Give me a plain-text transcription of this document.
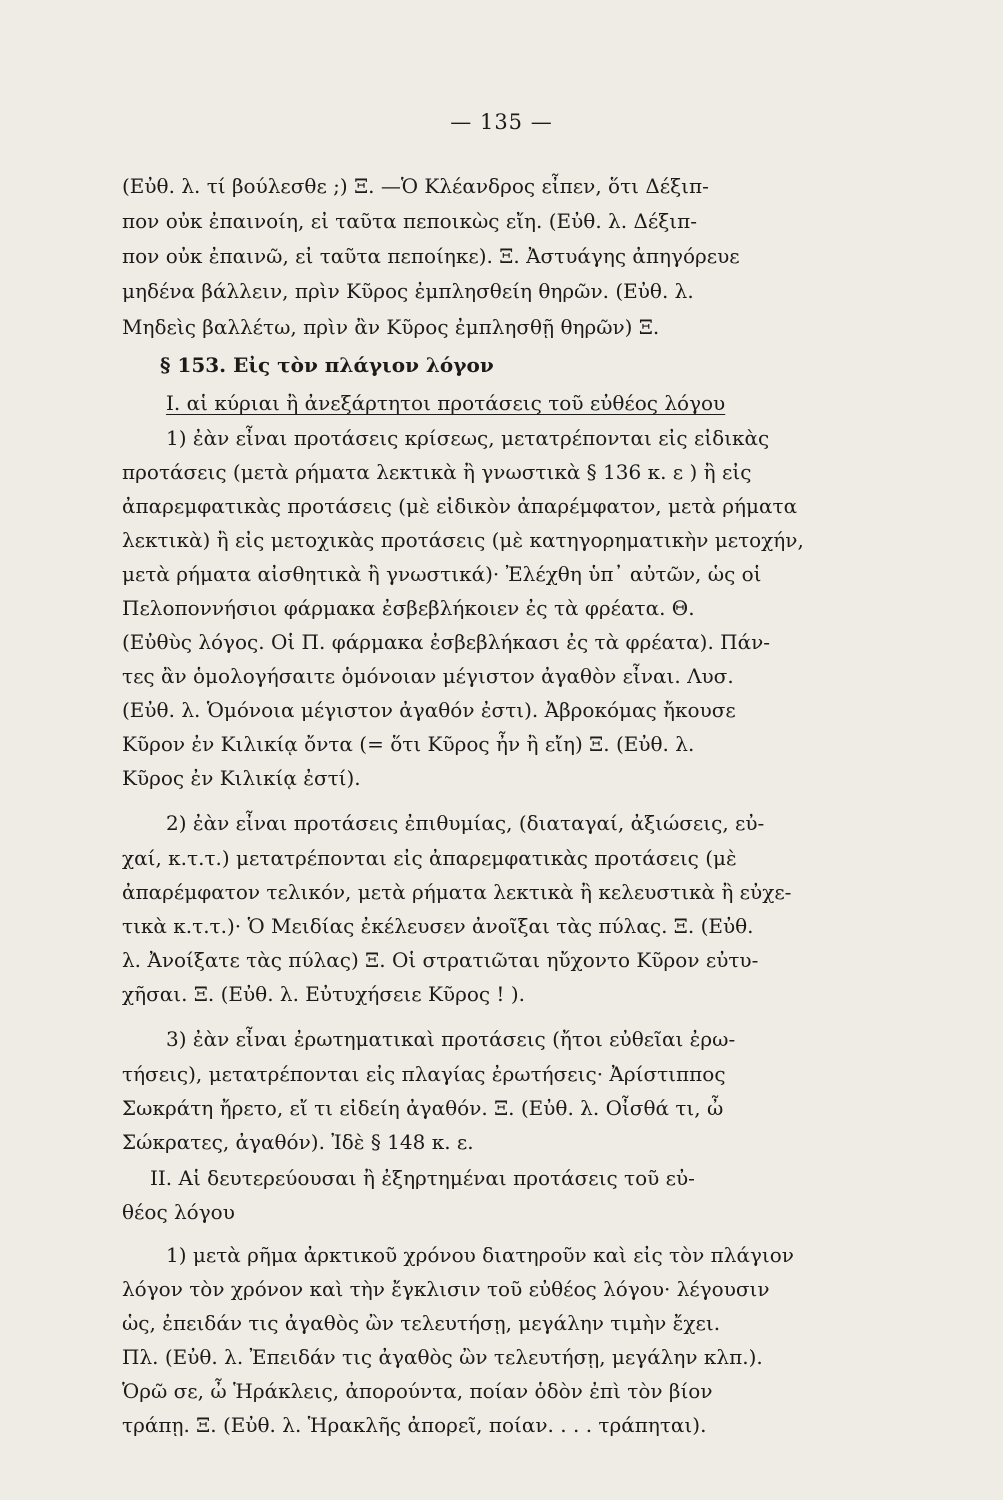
— 135 —
(Εὐθ. λ. τί βούλεσθε ;) Ξ. —Ὁ Κλέανδρος εἶπεν, ὅτι Δέξιπ-
πον οὐκ ἐπαινοίη, εἰ ταῦτα πεποικὼς εἴη. (Εὐθ. λ. Δέξιπ-
πον οὐκ ἐπαινῶ, εἰ ταῦτα πεποίηκε). Ξ. Ἀστυάγης ἀπηγόρευε
μηδένα βάλλειν, πρὶν Κῦρος ἐμπλησθείη θηρῶν. (Εὐθ. λ.
Μηδεὶς βαλλέτω, πρὶν ἂν Κῦρος ἐμπλησθῇ θηρῶν) Ξ.
§ 153. Εἰς τὸν πλάγιον λόγον
I. αἱ κύριαι ἢ ἀνεξάρτητοι προτάσεις τοῦ εὐθέος λόγου
1) ἐὰν εἶναι προτάσεις κρίσεως, μετατρέπονται εἰς εἰδικὰς
προτάσεις (μετὰ ρήματα λεκτικὰ ἢ γνωστικὰ § 136 κ. ε ) ἢ εἰς
ἀπαρεμφατικὰς προτάσεις (μὲ εἰδικὸν ἀπαρέμφατον, μετὰ ρήματα
λεκτικὰ) ἢ εἰς μετοχικὰς προτάσεις (μὲ κατηγορηματικὴν μετοχήν,
μετὰ ρήματα αἰσθητικὰ ἢ γνωστικά)· Ἐλέχθη ὑπ᾽ αὐτῶν, ὡς οἱ
Πελοποννήσιοι φάρμακα ἐσβεβλήκοιεν ἐς τὰ φρέατα. Θ.
(Εὐθὺς λόγος. Οἱ Π. φάρμακα ἐσβεβλήκασι ἐς τὰ φρέατα). Πάν-
τες ἂν ὁμολογήσαιτε ὁμόνοιαν μέγιστον ἀγαθὸν εἶναι. Λυσ.
(Εὐθ. λ. Ὁμόνοια μέγιστον ἀγαθόν ἐστι). Ἀβροκόμας ἤκουσε
Κῦρον ἐν Κιλικίᾳ ὄντα (= ὅτι Κῦρος ἦν ἢ εἴη) Ξ. (Εὐθ. λ.
Κῦρος ἐν Κιλικίᾳ ἐστί).
2) ἐὰν εἶναι προτάσεις ἐπιθυμίας, (διαταγαί, ἀξιώσεις, εὐ-
χαί, κ.τ.τ.) μετατρέπονται εἰς ἀπαρεμφατικὰς προτάσεις (μὲ
ἀπαρέμφατον τελικόν, μετὰ ρήματα λεκτικὰ ἢ κελευστικὰ ἢ εὐχε-
τικὰ κ.τ.τ.)· Ὁ Μειδίας ἐκέλευσεν ἀνοῖξαι τὰς πύλας. Ξ. (Εὐθ.
λ. Ἀνοίξατε τὰς πύλας) Ξ. Οἱ στρατιῶται ηὔχοντο Κῦρον εὐτυ-
χῆσαι. Ξ. (Εὐθ. λ. Εὐτυχήσειε Κῦρος ! ).
3) ἐὰν εἶναι ἐρωτηματικαὶ προτάσεις (ἤτοι εὐθεῖαι ἐρω-
τήσεις), μετατρέπονται εἰς πλαγίας ἐρωτήσεις· Ἀρίστιππος
Σωκράτη ἤρετο, εἴ τι εἰδείη ἀγαθόν. Ξ. (Εὐθ. λ. Οἶσθά τι, ὦ
Σώκρατες, ἀγαθόν). Ἰδὲ § 148 κ. ε.
II. Αἱ δευτερεύουσαι ἢ ἐξηρτημέναι προτάσεις τοῦ εὐ-
θέος λόγου
1) μετὰ ρῆμα ἀρκτικοῦ χρόνου διατηροῦν καὶ εἰς τὸν πλάγιον
λόγον τὸν χρόνον καὶ τὴν ἔγκλισιν τοῦ εὐθέος λόγου· λέγουσιν
ὡς, ἐπειδάν τις ἀγαθὸς ὢν τελευτήσῃ, μεγάλην τιμὴν ἔχει.
Πλ. (Εὐθ. λ. Ἐπειδάν τις ἀγαθὸς ὢν τελευτήσῃ, μεγάλην κλπ.).
Ὁρῶ σε, ὦ Ἡράκλεις, ἀπορούντα, ποίαν ὁδὸν ἐπὶ τὸν βίον
τράπῃ. Ξ. (Εὐθ. λ. Ἡρακλῆς ἀπορεῖ, ποίαν. . . . τράπηται).
